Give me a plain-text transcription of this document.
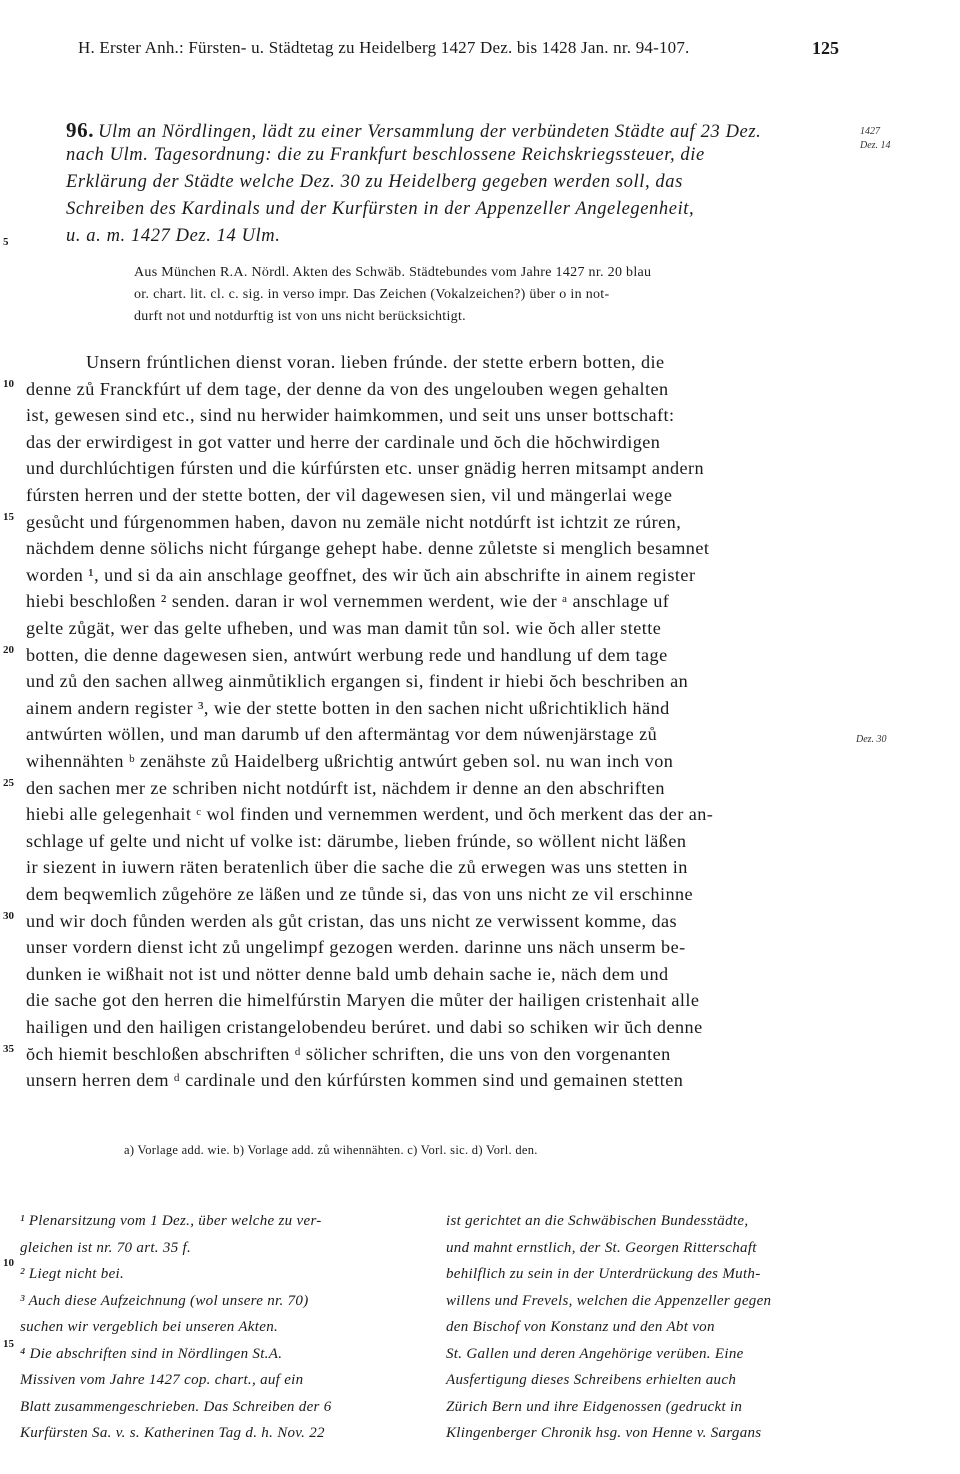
H. Erster Anh.: Fürsten- u. Städtetag zu Heidelberg 1427 Dez. bis 1428 Jan. nr. 94-107.	125
96. Ulm an Nördlingen, lädt zu einer Versammlung der verbündeten Städte auf 23 Dez.
nach Ulm. Tagesordnung: die zu Frankfurt beschlossene Reichskriegssteuer, die
Erklärung der Städte welche Dez. 30 zu Heidelberg gegeben werden soll, das
Schreiben des Kardinals und der Kurfürsten in der Appenzeller Angelegenheit,
u. a. m. 1427 Dez. 14 Ulm.
1427
Dez. 14
Aus München R.A. Nördl. Akten des Schwäb. Städtebundes vom Jahre 1427 nr. 20 blau
or. chart. lit. cl. c. sig. in verso impr. Das Zeichen (Vokalzeichen?) über o in not-
durft not und notdurftig ist von uns nicht berücksichtigt.
Unsern frúntlichen dienst voran. lieben frúnde. der stette erbern botten, die
denne zů Franckfúrt uf dem tage, der denne da von des ungelouben wegen gehalten
ist, gewesen sind etc., sind nu herwider haimkommen, und seit uns unser bottschaft:
das der erwirdigest in got vatter und herre der cardinale und ŏch die hŏchwirdigen
und durchlúchtigen fúrsten und die kúrfúrsten etc. unser gnädig herren mitsampt andern
fúrsten herren und der stette botten, der vil dagewesen sien, vil und mängerlai wege
gesůcht und fúrgenommen haben, davon nu zemäle nicht notdúrft ist ichtzit ze rúren,
nächdem denne sölichs nicht fúrgange gehept habe. denne zůletste si menglich besamnet
worden ¹, und si da ain anschlage geoffnet, des wir ŭch ain abschrifte in ainem register
hiebi beschloßen ² senden. daran ir wol vernemmen werdent, wie der ᵃ anschlage uf
gelte zůgät, wer das gelte ufheben, und was man damit tůn sol. wie ŏch aller stette
botten, die denne dagewesen sien, antwúrt werbung rede und handlung uf dem tage
und zů den sachen allweg ainmůtiklich ergangen si, findent ir hiebi ŏch beschriben an
ainem andern register ³, wie der stette botten in den sachen nicht ußrichtiklich händ
antwúrten wöllen, und man darumb uf den aftermäntag vor dem núwenjärstage zů
wihennähten ᵇ zenähste zů Haidelberg ußrichtig antwúrt geben sol. nu wan inch von
den sachen mer ze schriben nicht notdúrft ist, nächdem ir denne an den abschriften
hiebi alle gelegenhait ᶜ wol finden und vernemmen werdent, und ŏch merkent das der an-
schlage uf gelte und nicht uf volke ist: därumbe, lieben frúnde, so wöllent nicht läßen
ir siezent in iuwern räten beratenlich über die sache die zů erwegen was uns stetten in
dem beqwemlich zůgehöre ze läßen und ze tůnde si, das von uns nicht ze vil erschinne
und wir doch fůnden werden als gůt cristan, das uns nicht ze verwissent komme, das
unser vordern dienst icht zů ungelimpf gezogen werden. darinne uns näch unserm be-
dunken ie wißhait not ist und nötter denne bald umb dehain sache ie, näch dem und
die sache got den herren die himelfúrstin Maryen die můter der hailigen cristenhait alle
hailigen und den hailigen cristangelobendeu berúret. und dabi so schiken wir ŭch denne
ŏch hiemit beschloßen abschriften ᵈ sölicher schriften, die uns von den vorgenanten
unsern herren dem ᵈ cardinale und den kúrfúrsten kommen sind und gemainen stetten
5
10
15
20
25
30
35
Dez. 30
a) Vorlage add. wie. b) Vorlage add. zů wihennähten. c) Vorl. sic. d) Vorl. den.
¹ Plenarsitzung vom 1 Dez., über welche zu ver-
gleichen ist nr. 70 art. 35 f.
² Liegt nicht bei.
³ Auch diese Aufzeichnung (wol unsere nr. 70)
suchen wir vergeblich bei unseren Akten.
⁴ Die abschriften sind in Nördlingen St.A.
Missiven vom Jahre 1427 cop. chart., auf ein
Blatt zusammengeschrieben. Das Schreiben der 6
Kurfürsten Sa. v. s. Katherinen Tag d. h. Nov. 22
ist gerichtet an die Schwäbischen Bundesstädte,
und mahnt ernstlich, der St. Georgen Ritterschaft
behilflich zu sein in der Unterdrückung des Muth-
willens und Frevels, welchen die Appenzeller gegen
den Bischof von Konstanz und den Abt von
St. Gallen und deren Angehörige verüben. Eine
Ausfertigung dieses Schreibens erhielten auch
Zürich Bern und ihre Eidgenossen (gedruckt in
Klingenberger Chronik hsg. von Henne v. Sargans
10
15
